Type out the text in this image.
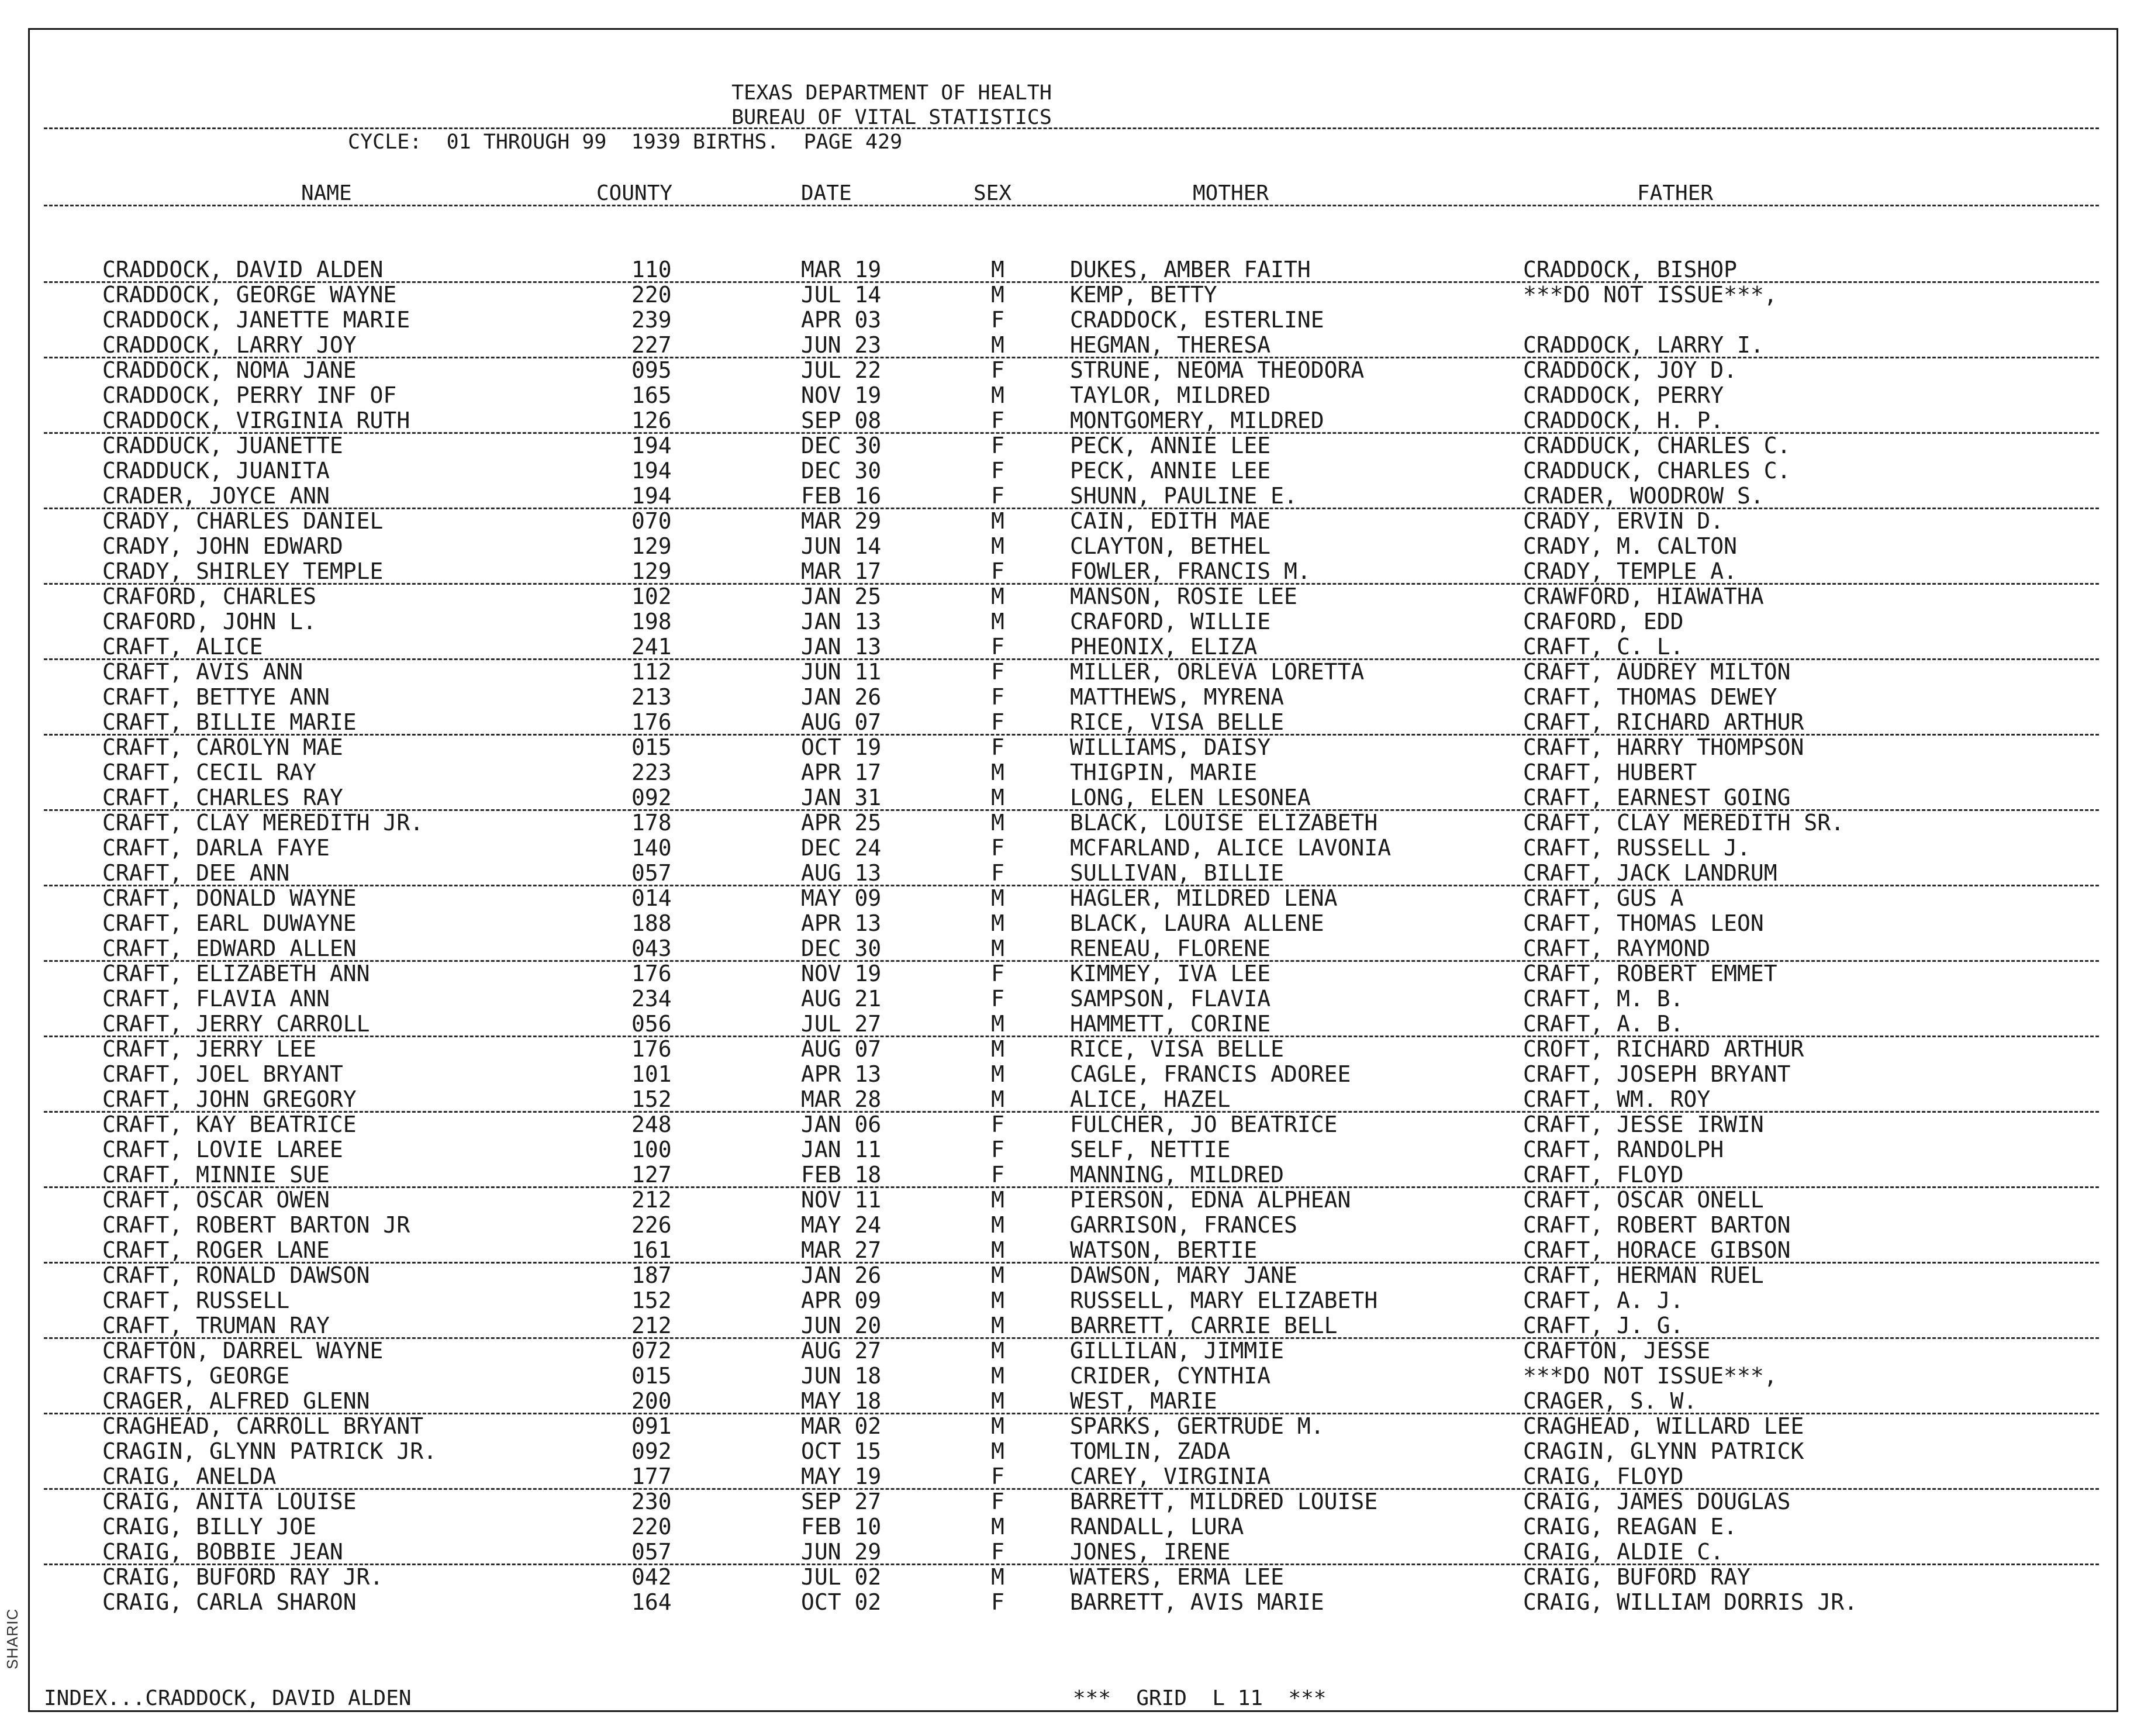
SHARIC
TEXAS DEPARTMENT OF HEALTH
BUREAU OF VITAL STATISTICS
CYCLE:  01 THROUGH 99  1939 BIRTHS.  PAGE 429
NAME	COUNTY	DATE	SEX	MOTHER	FATHER
CRADDOCK, DAVID ALDEN	110	MAR 19	M	DUKES, AMBER FAITH	CRADDOCK, BISHOP
CRADDOCK, GEORGE WAYNE	220	JUL 14	M	KEMP, BETTY	***DO NOT ISSUE***,
CRADDOCK, JANETTE MARIE	239	APR 03	F	CRADDOCK, ESTERLINE
CRADDOCK, LARRY JOY	227	JUN 23	M	HEGMAN, THERESA	CRADDOCK, LARRY I.
CRADDOCK, NOMA JANE	095	JUL 22	F	STRUNE, NEOMA THEODORA	CRADDOCK, JOY D.
CRADDOCK, PERRY INF OF	165	NOV 19	M	TAYLOR, MILDRED	CRADDOCK, PERRY
CRADDOCK, VIRGINIA RUTH	126	SEP 08	F	MONTGOMERY, MILDRED	CRADDOCK, H. P.
CRADDUCK, JUANETTE	194	DEC 30	F	PECK, ANNIE LEE	CRADDUCK, CHARLES C.
CRADDUCK, JUANITA	194	DEC 30	F	PECK, ANNIE LEE	CRADDUCK, CHARLES C.
CRADER, JOYCE ANN	194	FEB 16	F	SHUNN, PAULINE E.	CRADER, WOODROW S.
CRADY, CHARLES DANIEL	070	MAR 29	M	CAIN, EDITH MAE	CRADY, ERVIN D.
CRADY, JOHN EDWARD	129	JUN 14	M	CLAYTON, BETHEL	CRADY, M. CALTON
CRADY, SHIRLEY TEMPLE	129	MAR 17	F	FOWLER, FRANCIS M.	CRADY, TEMPLE A.
CRAFORD, CHARLES	102	JAN 25	M	MANSON, ROSIE LEE	CRAWFORD, HIAWATHA
CRAFORD, JOHN L.	198	JAN 13	M	CRAFORD, WILLIE	CRAFORD, EDD
CRAFT, ALICE	241	JAN 13	F	PHEONIX, ELIZA	CRAFT, C. L.
CRAFT, AVIS ANN	112	JUN 11	F	MILLER, ORLEVA LORETTA	CRAFT, AUDREY MILTON
CRAFT, BETTYE ANN	213	JAN 26	F	MATTHEWS, MYRENA	CRAFT, THOMAS DEWEY
CRAFT, BILLIE MARIE	176	AUG 07	F	RICE, VISA BELLE	CRAFT, RICHARD ARTHUR
CRAFT, CAROLYN MAE	015	OCT 19	F	WILLIAMS, DAISY	CRAFT, HARRY THOMPSON
CRAFT, CECIL RAY	223	APR 17	M	THIGPIN, MARIE	CRAFT, HUBERT
CRAFT, CHARLES RAY	092	JAN 31	M	LONG, ELEN LESONEA	CRAFT, EARNEST GOING
CRAFT, CLAY MEREDITH JR.	178	APR 25	M	BLACK, LOUISE ELIZABETH	CRAFT, CLAY MEREDITH SR.
CRAFT, DARLA FAYE	140	DEC 24	F	MCFARLAND, ALICE LAVONIA	CRAFT, RUSSELL J.
CRAFT, DEE ANN	057	AUG 13	F	SULLIVAN, BILLIE	CRAFT, JACK LANDRUM
CRAFT, DONALD WAYNE	014	MAY 09	M	HAGLER, MILDRED LENA	CRAFT, GUS A
CRAFT, EARL DUWAYNE	188	APR 13	M	BLACK, LAURA ALLENE	CRAFT, THOMAS LEON
CRAFT, EDWARD ALLEN	043	DEC 30	M	RENEAU, FLORENE	CRAFT, RAYMOND
CRAFT, ELIZABETH ANN	176	NOV 19	F	KIMMEY, IVA LEE	CRAFT, ROBERT EMMET
CRAFT, FLAVIA ANN	234	AUG 21	F	SAMPSON, FLAVIA	CRAFT, M. B.
CRAFT, JERRY CARROLL	056	JUL 27	M	HAMMETT, CORINE	CRAFT, A. B.
CRAFT, JERRY LEE	176	AUG 07	M	RICE, VISA BELLE	CROFT, RICHARD ARTHUR
CRAFT, JOEL BRYANT	101	APR 13	M	CAGLE, FRANCIS ADOREE	CRAFT, JOSEPH BRYANT
CRAFT, JOHN GREGORY	152	MAR 28	M	ALICE, HAZEL	CRAFT, WM. ROY
CRAFT, KAY BEATRICE	248	JAN 06	F	FULCHER, JO BEATRICE	CRAFT, JESSE IRWIN
CRAFT, LOVIE LAREE	100	JAN 11	F	SELF, NETTIE	CRAFT, RANDOLPH
CRAFT, MINNIE SUE	127	FEB 18	F	MANNING, MILDRED	CRAFT, FLOYD
CRAFT, OSCAR OWEN	212	NOV 11	M	PIERSON, EDNA ALPHEAN	CRAFT, OSCAR ONELL
CRAFT, ROBERT BARTON JR	226	MAY 24	M	GARRISON, FRANCES	CRAFT, ROBERT BARTON
CRAFT, ROGER LANE	161	MAR 27	M	WATSON, BERTIE	CRAFT, HORACE GIBSON
CRAFT, RONALD DAWSON	187	JAN 26	M	DAWSON, MARY JANE	CRAFT, HERMAN RUEL
CRAFT, RUSSELL	152	APR 09	M	RUSSELL, MARY ELIZABETH	CRAFT, A. J.
CRAFT, TRUMAN RAY	212	JUN 20	M	BARRETT, CARRIE BELL	CRAFT, J. G.
CRAFTON, DARREL WAYNE	072	AUG 27	M	GILLILAN, JIMMIE	CRAFTON, JESSE
CRAFTS, GEORGE	015	JUN 18	M	CRIDER, CYNTHIA	***DO NOT ISSUE***,
CRAGER, ALFRED GLENN	200	MAY 18	M	WEST, MARIE	CRAGER, S. W.
CRAGHEAD, CARROLL BRYANT	091	MAR 02	M	SPARKS, GERTRUDE M.	CRAGHEAD, WILLARD LEE
CRAGIN, GLYNN PATRICK JR.	092	OCT 15	M	TOMLIN, ZADA	CRAGIN, GLYNN PATRICK
CRAIG, ANELDA	177	MAY 19	F	CAREY, VIRGINIA	CRAIG, FLOYD
CRAIG, ANITA LOUISE	230	SEP 27	F	BARRETT, MILDRED LOUISE	CRAIG, JAMES DOUGLAS
CRAIG, BILLY JOE	220	FEB 10	M	RANDALL, LURA	CRAIG, REAGAN E.
CRAIG, BOBBIE JEAN	057	JUN 29	F	JONES, IRENE	CRAIG, ALDIE C.
CRAIG, BUFORD RAY JR.	042	JUL 02	M	WATERS, ERMA LEE	CRAIG, BUFORD RAY
CRAIG, CARLA SHARON	164	OCT 02	F	BARRETT, AVIS MARIE	CRAIG, WILLIAM DORRIS JR.
INDEX...CRADDOCK, DAVID ALDEN	***  GRID  L 11  ***
